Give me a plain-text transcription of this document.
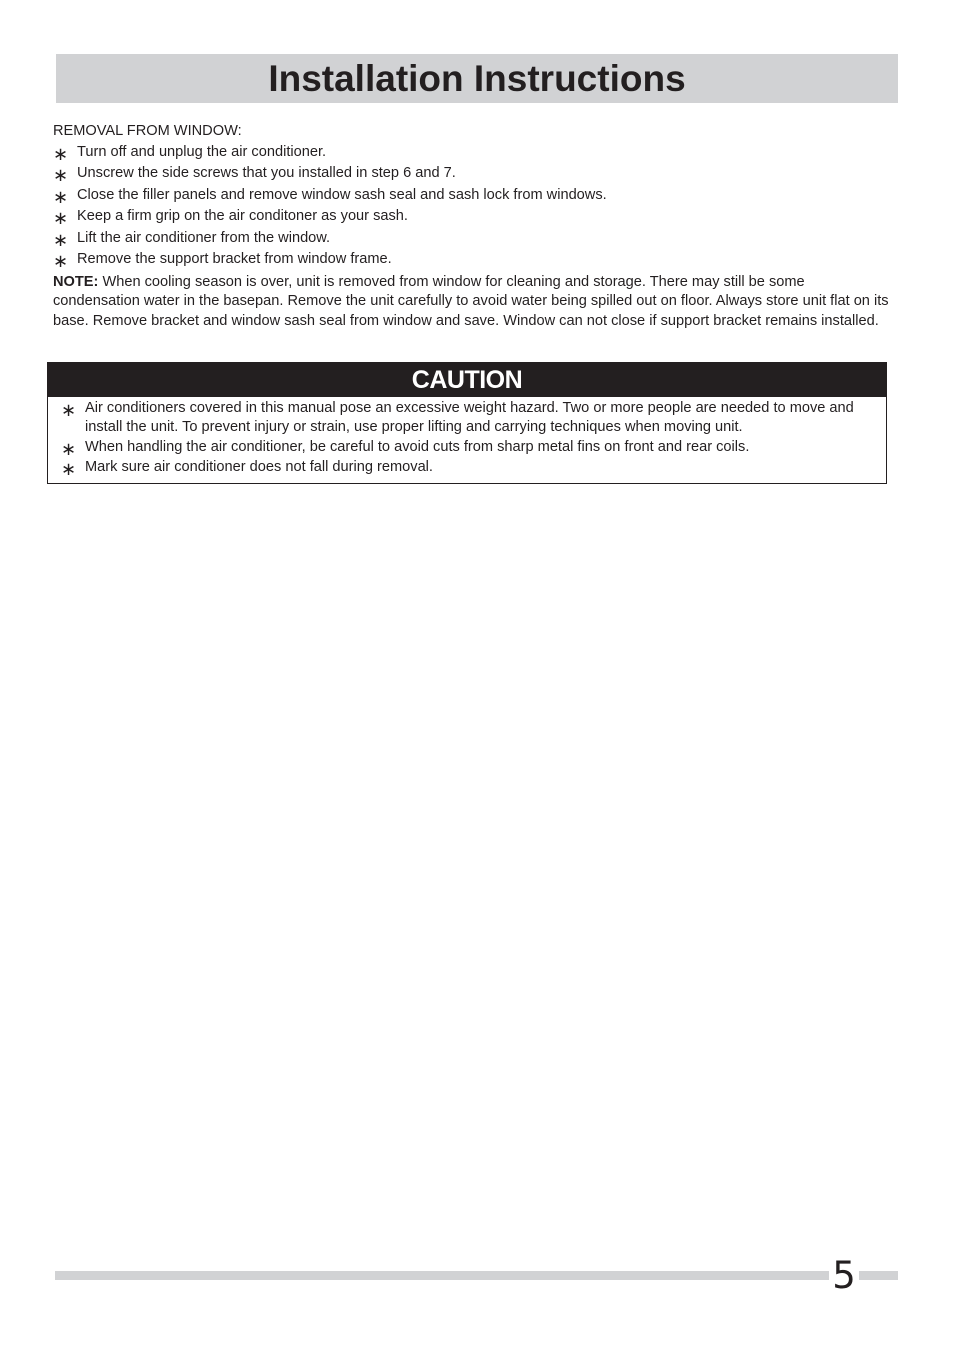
Installation Instructions

REMOVAL FROM WINDOW:

∗ Turn off and unplug the air conditioner.
∗ Unscrew the side screws that you installed in step 6 and 7.
∗ Close the filler panels and remove window sash seal and sash lock from windows.
∗ Keep a firm grip on the air conditoner as your sash.
∗ Lift the air conditioner from the window.
∗ Remove the support bracket from window frame.

NOTE: When cooling season is over, unit is removed from window for cleaning and storage. There may still be some condensation water in the basepan. Remove the unit carefully to avoid water being spilled out on floor. Always store unit flat on its base. Remove bracket and window sash seal from window and save. Window can not close if support bracket remains installed.

CAUTION
∗ Air conditioners covered in this manual pose an excessive weight hazard. Two or more people are needed to move and install the unit. To prevent injury or strain, use proper lifting and carrying techniques when moving unit.
∗ When handling the air conditioner, be careful to avoid cuts from sharp metal fins on front and rear coils.
∗ Mark sure air conditioner does not fall during removal.
5
